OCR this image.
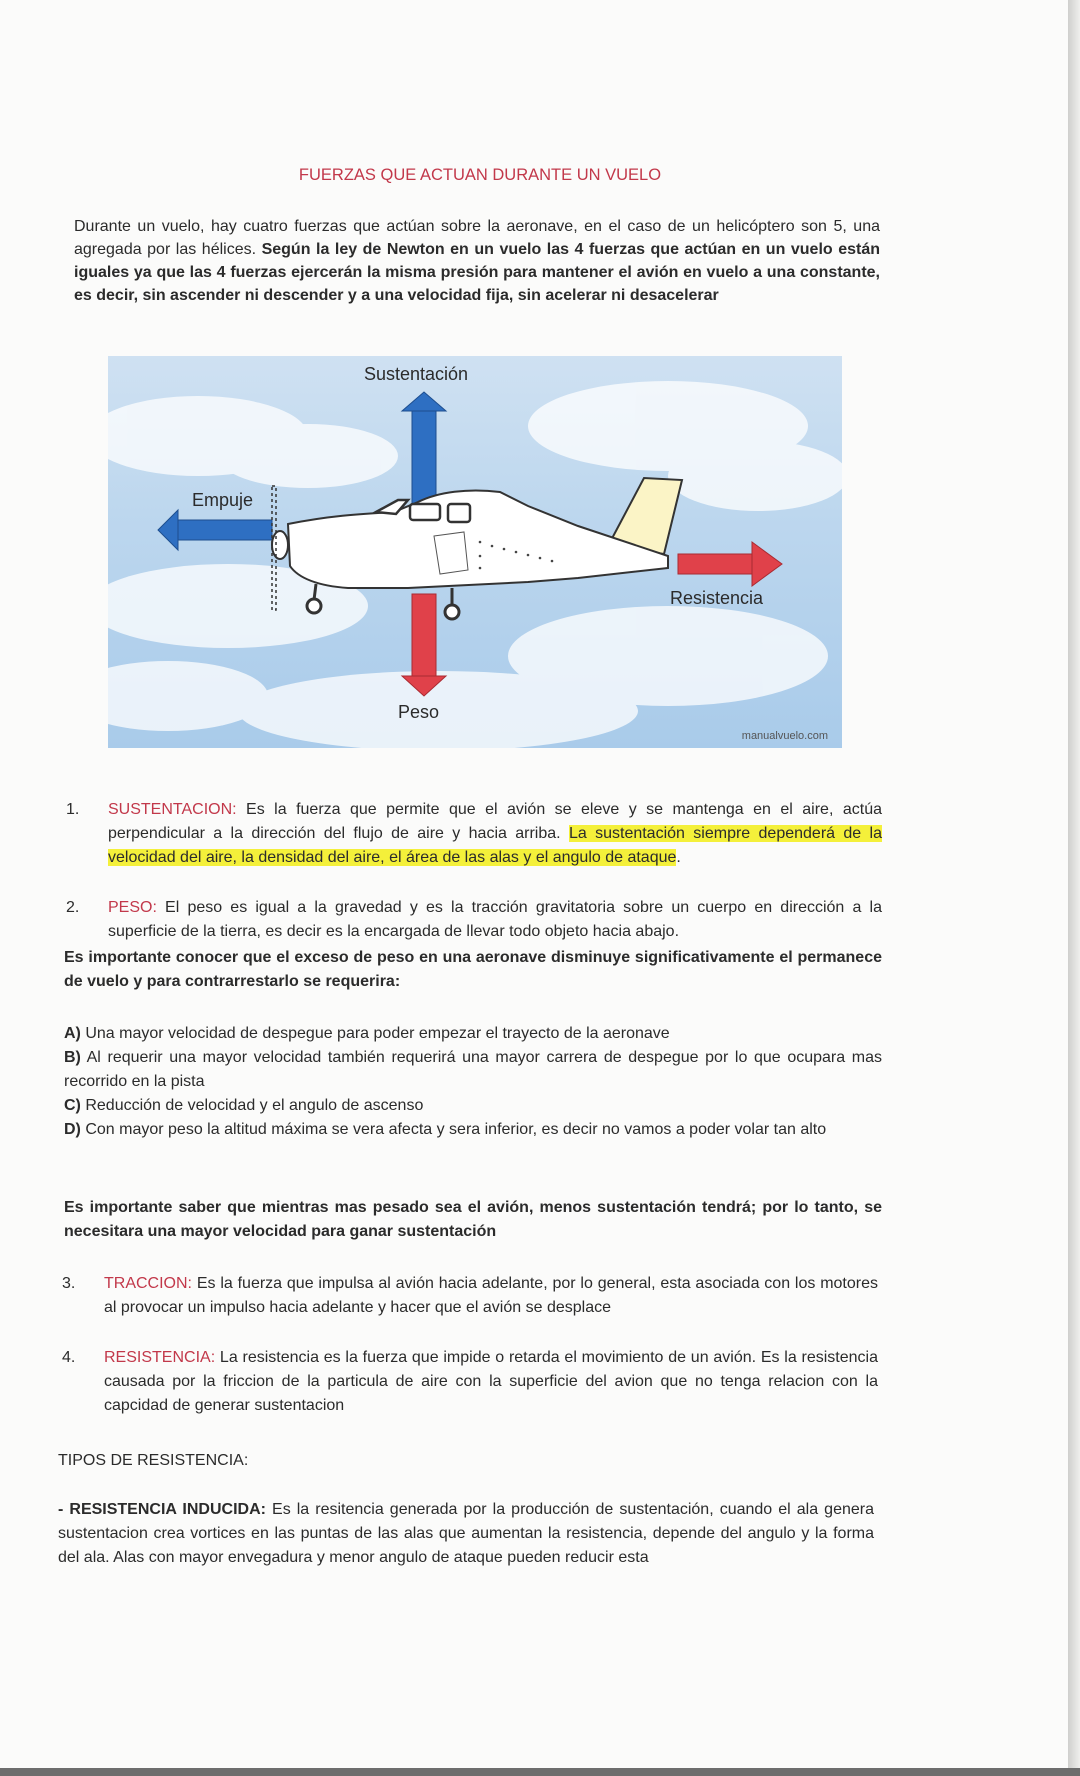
FUERZAS QUE ACTUAN DURANTE UN VUELO
Durante un vuelo, hay cuatro fuerzas que actúan sobre la aeronave, en el caso de un helicóptero son 5, una agregada por las hélices. Según la ley de Newton en un vuelo las 4 fuerzas que actúan en un vuelo están iguales ya que las 4 fuerzas ejercerán la misma presión para mantener el avión en vuelo a una constante, es decir, sin ascender ni descender y a una velocidad fija, sin acelerar ni desacelerar
Sustentación
Empuje
Resistencia
Peso
manualvuelo.com
1. SUSTENTACION: Es la fuerza que permite que el avión se eleve y se mantenga en el aire, actúa perpendicular a la dirección del flujo de aire y hacia arriba. La sustentación siempre dependerá de la velocidad del aire, la densidad del aire, el área de las alas y el angulo de ataque.
2. PESO: El peso es igual a la gravedad y es la tracción gravitatoria sobre un cuerpo en dirección a la superficie de la tierra, es decir es la encargada de llevar todo objeto hacia abajo.
Es importante conocer que el exceso de peso en una aeronave disminuye significativamente el permanece de vuelo y para contrarrestarlo se requerira:
A) Una mayor velocidad de despegue para poder empezar el trayecto de la aeronave
B) Al requerir una mayor velocidad también requerirá una mayor carrera de despegue por lo que ocupara mas recorrido en la pista
C) Reducción de velocidad y el angulo de ascenso
D) Con mayor peso la altitud máxima se vera afecta y sera inferior, es decir no vamos a poder volar tan alto
Es importante saber que mientras mas pesado sea el avión, menos sustentación tendrá; por lo tanto, se necesitara una mayor velocidad para ganar sustentación
3. TRACCION: Es la fuerza que impulsa al avión hacia adelante, por lo general, esta asociada con los motores al provocar un impulso hacia adelante y hacer que el avión se desplace
4. RESISTENCIA: La resistencia es la fuerza que impide o retarda el movimiento de un avión. Es la resistencia causada por la friccion de la particula de aire con la superficie del avion que no tenga relacion con la capcidad de generar sustentacion
TIPOS DE RESISTENCIA:
- RESISTENCIA INDUCIDA: Es la resitencia generada por la producción de sustentación, cuando el ala genera sustentacion crea vortices en las puntas de las alas que aumentan la resistencia, depende del angulo y la forma del ala. Alas con mayor envegadura y menor angulo de ataque pueden reducir esta
